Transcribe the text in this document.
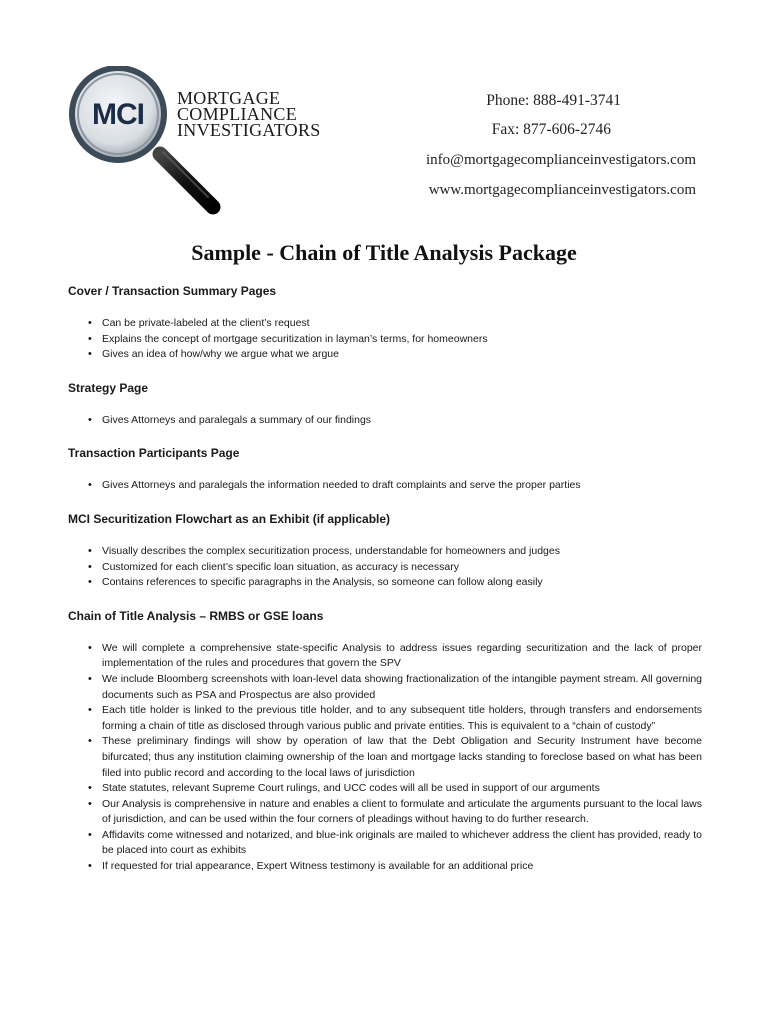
MCI MORTGAGE
COMPLIANCE
INVESTIGATORS
Phone: 888-491-3741
Fax: 877-606-2746
info@mortgagecomplianceinvestigators.com
www.mortgagecomplianceinvestigators.com
Sample - Chain of Title Analysis Package
Cover / Transaction Summary Pages
• Can be private-labeled at the client’s request
• Explains the concept of mortgage securitization in layman’s terms, for homeowners
• Gives an idea of how/why we argue what we argue
Strategy Page
• Gives Attorneys and paralegals a summary of our findings
Transaction Participants Page
• Gives Attorneys and paralegals the information needed to draft complaints and serve the proper parties
MCI Securitization Flowchart as an Exhibit (if applicable)
• Visually describes the complex securitization process, understandable for homeowners and judges
• Customized for each client’s specific loan situation, as accuracy is necessary
• Contains references to specific paragraphs in the Analysis, so someone can follow along easily
Chain of Title Analysis – RMBS or GSE loans
• We will complete a comprehensive state-specific Analysis to address issues regarding securitization and the lack of proper implementation of the rules and procedures that govern the SPV
• We include Bloomberg screenshots with loan-level data showing fractionalization of the intangible payment stream. All governing documents such as PSA and Prospectus are also provided
• Each title holder is linked to the previous title holder, and to any subsequent title holders, through transfers and endorsements forming a chain of title as disclosed through various public and private entities. This is equivalent to a “chain of custody”
• These preliminary findings will show by operation of law that the Debt Obligation and Security Instrument have become bifurcated; thus any institution claiming ownership of the loan and mortgage lacks standing to foreclose based on what has been filed into public record and according to the local laws of jurisdiction
• State statutes, relevant Supreme Court rulings, and UCC codes will all be used in support of our arguments
• Our Analysis is comprehensive in nature and enables a client to formulate and articulate the arguments pursuant to the local laws of jurisdiction, and can be used within the four corners of pleadings without having to do further research.
• Affidavits come witnessed and notarized, and blue-ink originals are mailed to whichever address the client has provided, ready to be placed into court as exhibits
• If requested for trial appearance, Expert Witness testimony is available for an additional price
